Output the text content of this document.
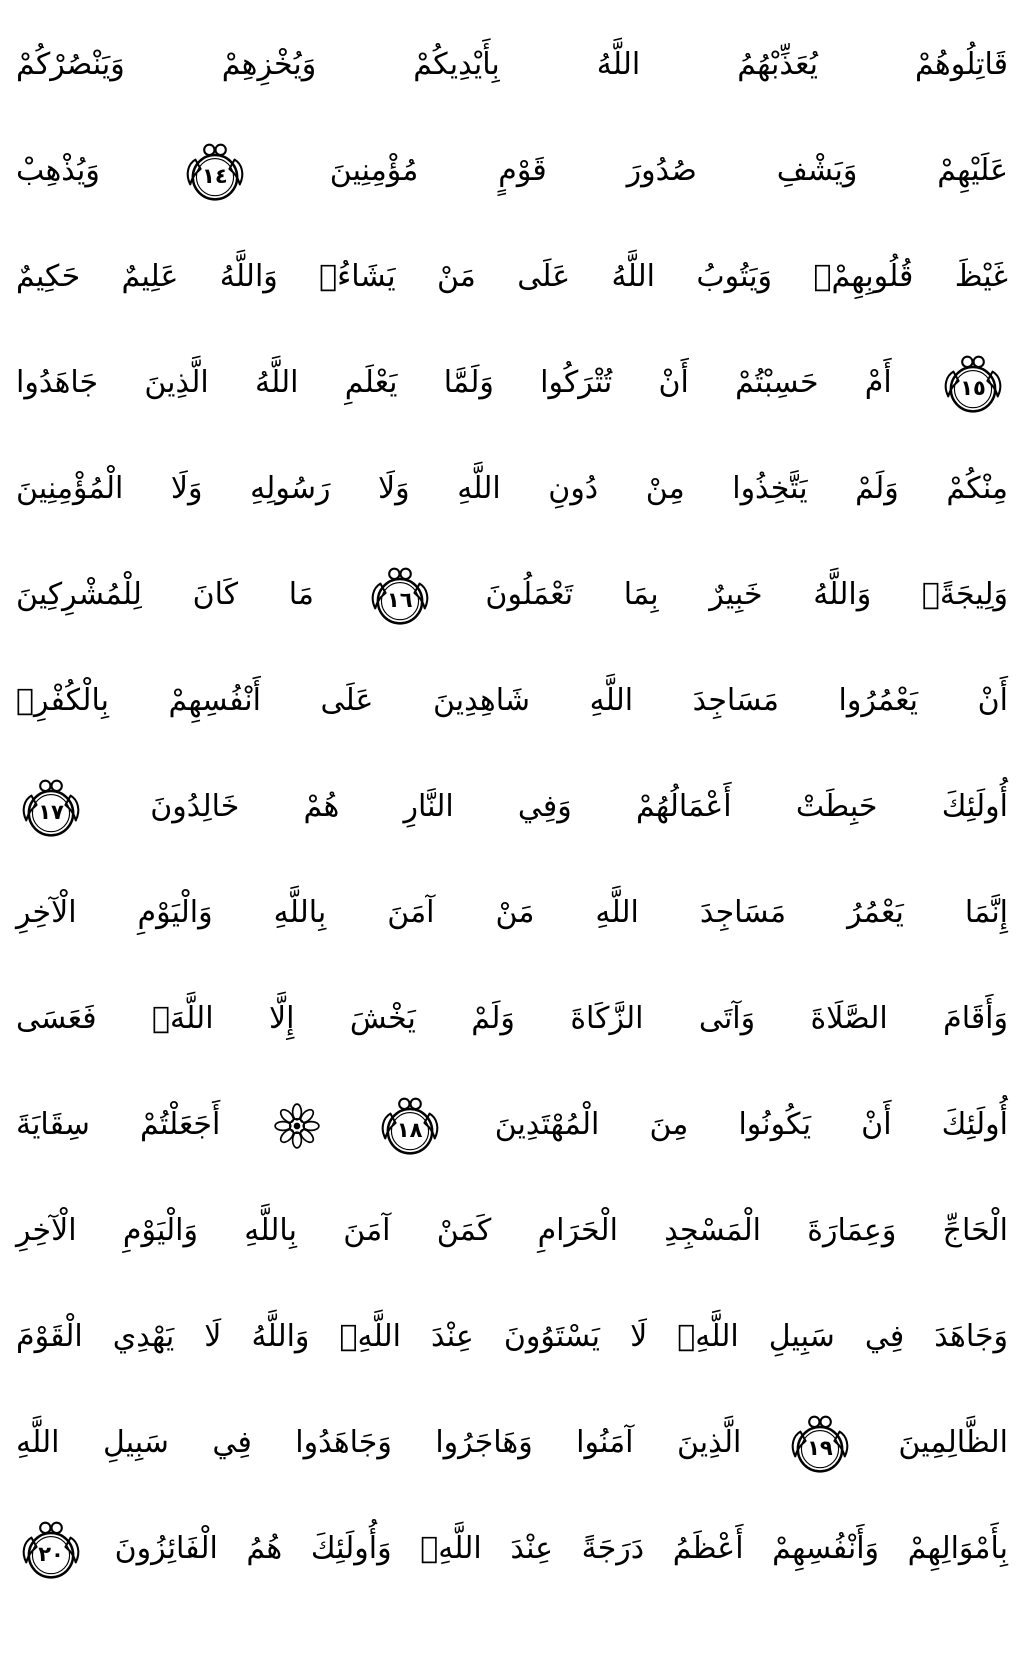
قَاتِلُوهُمْ يُعَذِّبْهُمُ اللَّهُ بِأَيْدِيكُمْ وَيُخْزِهِمْ وَيَنْصُرْكُمْ
عَلَيْهِمْ وَيَشْفِ صُدُورَ قَوْمٍ مُؤْمِنِينَ
١٤
وَيُذْهِبْ
غَيْظَ قُلُوبِهِمْۗ وَيَتُوبُ اللَّهُ عَلَى مَنْ يَشَاءُۗ وَاللَّهُ عَلِيمٌ حَكِيمٌ
١٥
أَمْ حَسِبْتُمْ أَنْ تُتْرَكُوا وَلَمَّا يَعْلَمِ اللَّهُ الَّذِينَ جَاهَدُوا
مِنْكُمْ وَلَمْ يَتَّخِذُوا مِنْ دُونِ اللَّهِ وَلَا رَسُولِهِ وَلَا الْمُؤْمِنِينَ
وَلِيجَةًۚ وَاللَّهُ خَبِيرٌ بِمَا تَعْمَلُونَ
١٦
مَا كَانَ لِلْمُشْرِكِينَ
أَنْ يَعْمُرُوا مَسَاجِدَ اللَّهِ شَاهِدِينَ عَلَى أَنْفُسِهِمْ بِالْكُفْرِۚ
أُولَئِكَ حَبِطَتْ أَعْمَالُهُمْ وَفِي النَّارِ هُمْ خَالِدُونَ
١٧
إِنَّمَا يَعْمُرُ مَسَاجِدَ اللَّهِ مَنْ آمَنَ بِاللَّهِ وَالْيَوْمِ الْآخِرِ
وَأَقَامَ الصَّلَاةَ وَآتَى الزَّكَاةَ وَلَمْ يَخْشَ إِلَّا اللَّهَۖ فَعَسَى
أُولَئِكَ أَنْ يَكُونُوا مِنَ الْمُهْتَدِينَ
١٨

أَجَعَلْتُمْ سِقَايَةَ
الْحَاجِّ وَعِمَارَةَ الْمَسْجِدِ الْحَرَامِ كَمَنْ آمَنَ بِاللَّهِ وَالْيَوْمِ الْآخِرِ
وَجَاهَدَ فِي سَبِيلِ اللَّهِۚ لَا يَسْتَوُونَ عِنْدَ اللَّهِۗ وَاللَّهُ لَا يَهْدِي الْقَوْمَ
الظَّالِمِينَ
١٩
الَّذِينَ آمَنُوا وَهَاجَرُوا وَجَاهَدُوا فِي سَبِيلِ اللَّهِ
بِأَمْوَالِهِمْ وَأَنْفُسِهِمْ أَعْظَمُ دَرَجَةً عِنْدَ اللَّهِۚ وَأُولَئِكَ هُمُ الْفَائِزُونَ
٢٠
